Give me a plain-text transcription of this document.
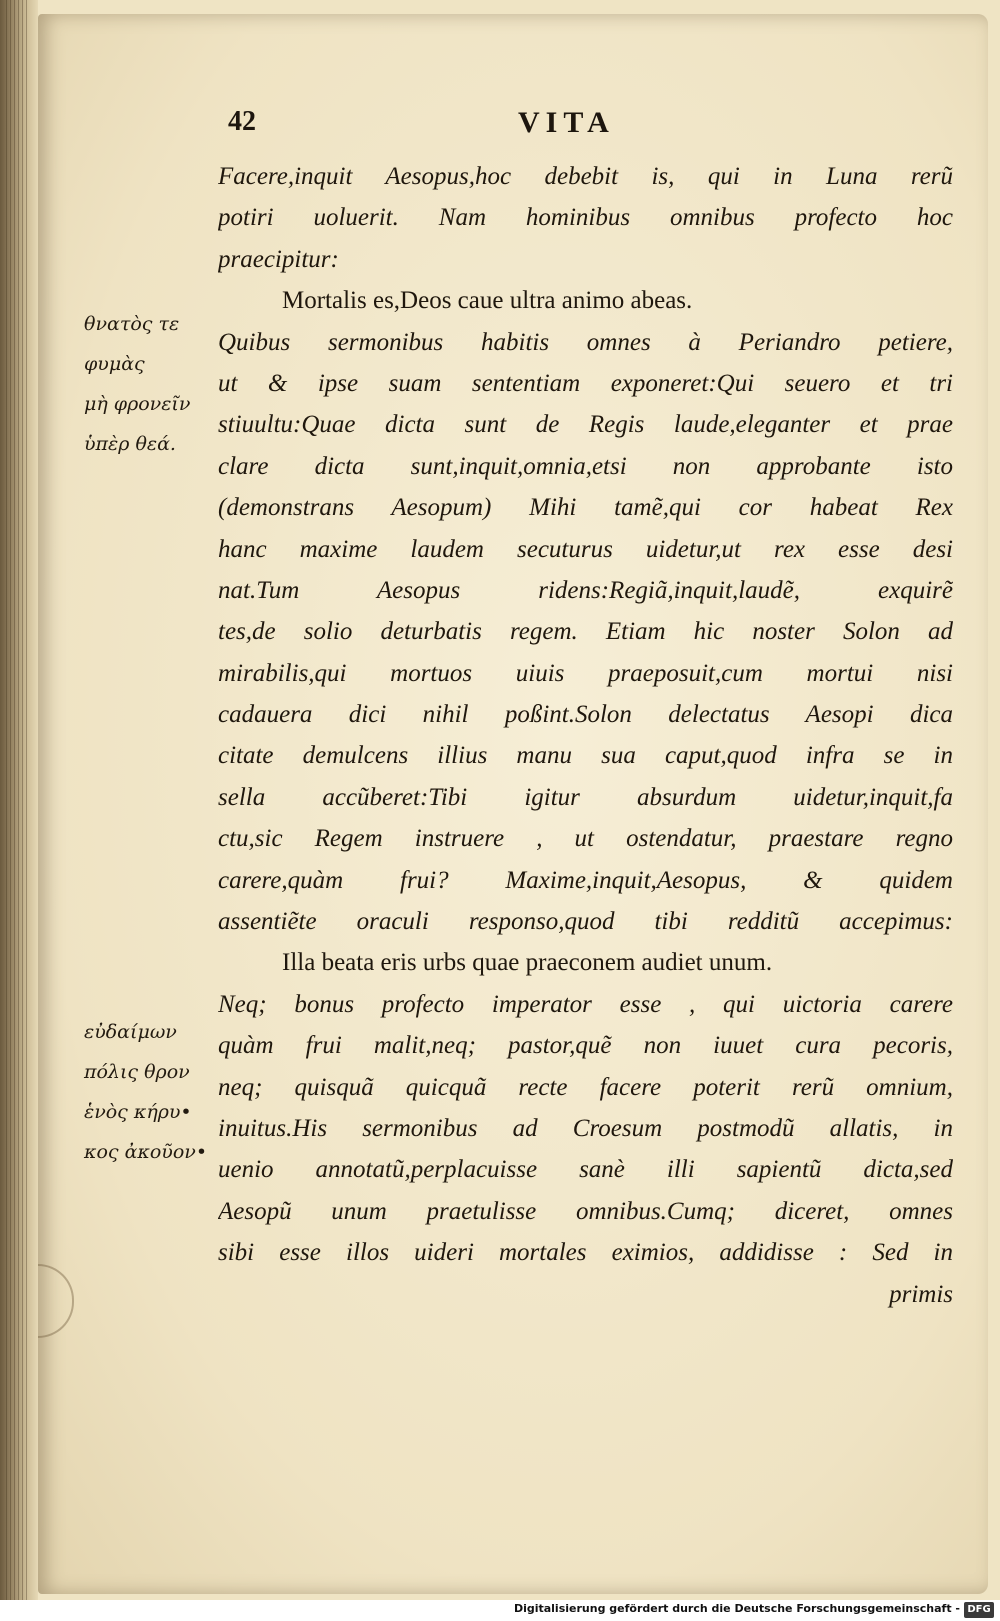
42	VITA
θνατὸς τε
φυμὰς
μὴ φρονεῖν
ὑπὲρ θεά.
εὐδαίμων
πόλις θρον
ἑνὸς κήρυ•
κος ἀκοῦον•
Facere,inquit Aesopus,hoc debebit is, qui in Luna rerũ
potiri uoluerit. Nam hominibus omnibus profecto hoc
praecipitur:
Mortalis es,Deos caue ultra animo abeas.
Quibus sermonibus habitis omnes à Periandro petiere,
ut & ipse suam sententiam exponeret:Qui seuero et tri
stiuultu:Quae dicta sunt de Regis laude,eleganter et prae
clare dicta sunt,inquit,omnia,etsi non approbante isto
(demonstrans Aesopum) Mihi tamẽ,qui cor habeat Rex
hanc maxime laudem secuturus uidetur,ut rex esse desi
nat.Tum Aesopus ridens:Regiã,inquit,laudẽ, exquirẽ
tes,de solio deturbatis regem. Etiam hic noster Solon ad
mirabilis,qui mortuos uiuis praeposuit,cum mortui nisi
cadauera dici nihil poßint.Solon delectatus Aesopi dica
citate demulcens illius manu sua caput,quod infra se in
sella accũberet:Tibi igitur absurdum uidetur,inquit,fa
ctu,sic Regem instruere , ut ostendatur, praestare regno
carere,quàm frui? Maxime,inquit,Aesopus, & quidem
assentiẽte oraculi responso,quod tibi redditũ accepimus:
Illa beata eris urbs quae praeconem audiet unum.
Neq; bonus profecto imperator esse , qui uictoria carere
quàm frui malit,neq; pastor,quẽ non iuuet cura pecoris,
neq; quisquã quicquã recte facere poterit rerũ omnium,
inuitus.His sermonibus ad Croesum postmodũ allatis, in
uenio annotatũ,perplacuisse sanè illi sapientũ dicta,sed
Aesopũ unum praetulisse omnibus.Cumq; diceret, omnes
sibi esse illos uideri mortales eximios, addidisse : Sed in
primis
Digitalisierung gefördert durch die Deutsche Forschungsgemeinschaft - DFG
